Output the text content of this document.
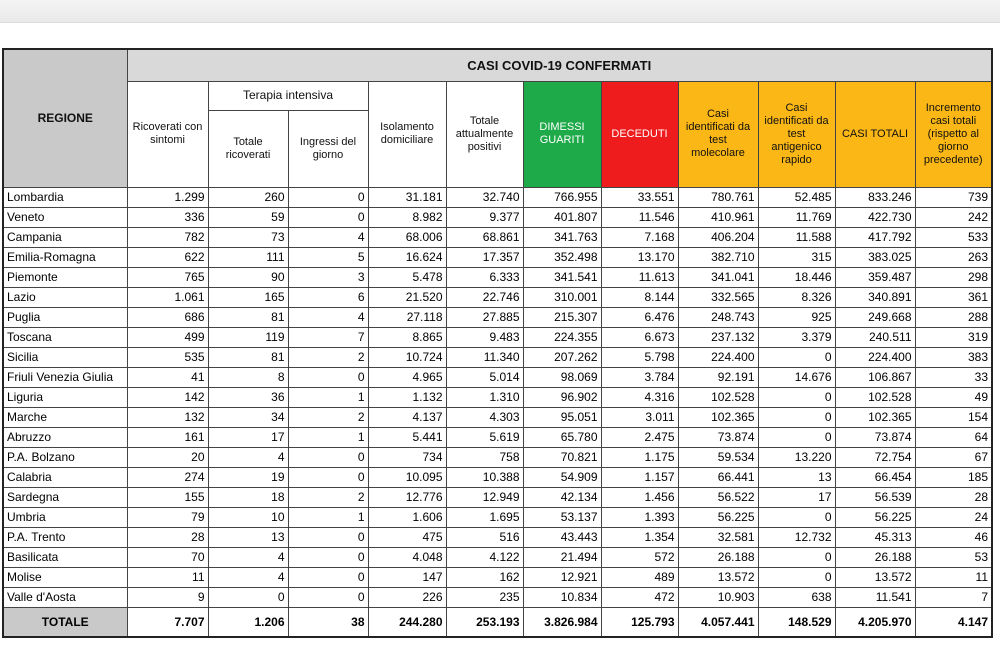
REGIONE	CASI COVID-19 CONFERMATI										
	Ricoverati con sintomi	Terapia intensiva		Isolamento domiciliare	Totale attualmente positivi	DIMESSI GUARITI	DECEDUTI	Casi identificati da test molecolare	Casi identificati da test antigenico rapido	CASI TOTALI	Incremento casi totali (rispetto al giorno precedente)
		Totale ricoverati	Ingressi del giorno								
Lombardia	1.299	260	0	31.181	32.740	766.955	33.551	780.761	52.485	833.246	739
Veneto	336	59	0	8.982	9.377	401.807	11.546	410.961	11.769	422.730	242
Campania	782	73	4	68.006	68.861	341.763	7.168	406.204	11.588	417.792	533
Emilia-Romagna	622	111	5	16.624	17.357	352.498	13.170	382.710	315	383.025	263
Piemonte	765	90	3	5.478	6.333	341.541	11.613	341.041	18.446	359.487	298
Lazio	1.061	165	6	21.520	22.746	310.001	8.144	332.565	8.326	340.891	361
Puglia	686	81	4	27.118	27.885	215.307	6.476	248.743	925	249.668	288
Toscana	499	119	7	8.865	9.483	224.355	6.673	237.132	3.379	240.511	319
Sicilia	535	81	2	10.724	11.340	207.262	5.798	224.400	0	224.400	383
Friuli Venezia Giulia	41	8	0	4.965	5.014	98.069	3.784	92.191	14.676	106.867	33
Liguria	142	36	1	1.132	1.310	96.902	4.316	102.528	0	102.528	49
Marche	132	34	2	4.137	4.303	95.051	3.011	102.365	0	102.365	154
Abruzzo	161	17	1	5.441	5.619	65.780	2.475	73.874	0	73.874	64
P.A. Bolzano	20	4	0	734	758	70.821	1.175	59.534	13.220	72.754	67
Calabria	274	19	0	10.095	10.388	54.909	1.157	66.441	13	66.454	185
Sardegna	155	18	2	12.776	12.949	42.134	1.456	56.522	17	56.539	28
Umbria	79	10	1	1.606	1.695	53.137	1.393	56.225	0	56.225	24
P.A. Trento	28	13	0	475	516	43.443	1.354	32.581	12.732	45.313	46
Basilicata	70	4	0	4.048	4.122	21.494	572	26.188	0	26.188	53
Molise	11	4	0	147	162	12.921	489	13.572	0	13.572	11
Valle d'Aosta	9	0	0	226	235	10.834	472	10.903	638	11.541	7
TOTALE	7.707	1.206	38	244.280	253.193	3.826.984	125.793	4.057.441	148.529	4.205.970	4.147
